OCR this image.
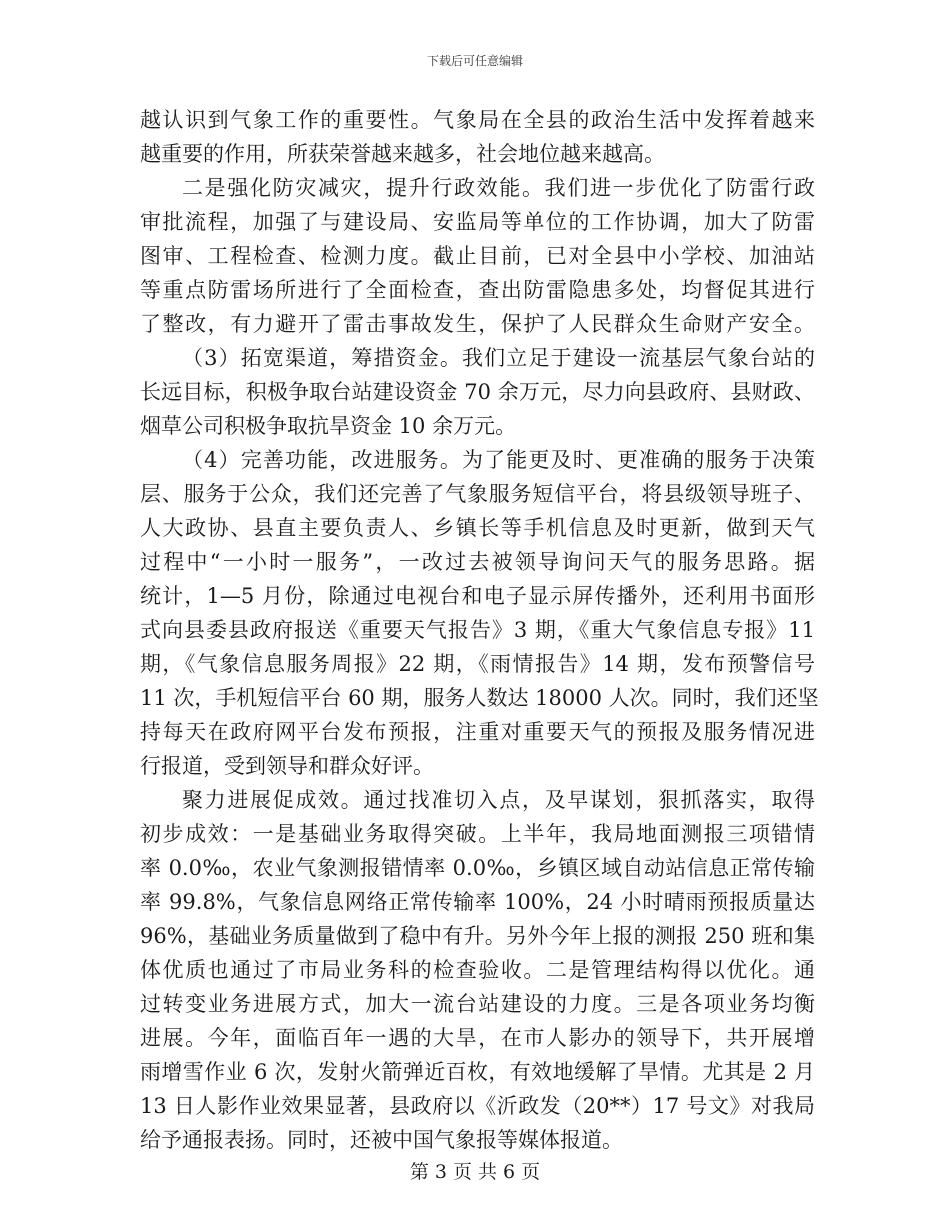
下载后可任意编辑
越认识到气象工作的重要性。气象局在全县的政治生活中发挥着越来
越重要的作用，所获荣誉越来越多，社会地位越来越高。
二是强化防灾减灾，提升行政效能。我们进一步优化了防雷行政
审批流程，加强了与建设局、安监局等单位的工作协调，加大了防雷
图审、工程检查、检测力度。截止目前，已对全县中小学校、加油站
等重点防雷场所进行了全面检查，查出防雷隐患多处，均督促其进行
了整改，有力避开了雷击事故发生，保护了人民群众生命财产安全。
（3）拓宽渠道，筹措资金。我们立足于建设一流基层气象台站的
长远目标，积极争取台站建设资金 70 余万元，尽力向县政府、县财政、
烟草公司积极争取抗旱资金 10 余万元。
（4）完善功能，改进服务。为了能更及时、更准确的服务于决策
层、服务于公众，我们还完善了气象服务短信平台，将县级领导班子、
人大政协、县直主要负责人、乡镇长等手机信息及时更新，做到天气
过程中“一小时一服务”，一改过去被领导询问天气的服务思路。据
统计，1—5 月份，除通过电视台和电子显示屏传播外，还利用书面形
式向县委县政府报送《重要天气报告》3 期，《重大气象信息专报》11
期，《气象信息服务周报》22 期，《雨情报告》14 期，发布预警信号
11 次，手机短信平台 60 期，服务人数达 18000 人次。同时，我们还坚
持每天在政府网平台发布预报，注重对重要天气的预报及服务情况进
行报道，受到领导和群众好评。
聚力进展促成效。通过找准切入点，及早谋划，狠抓落实，取得
初步成效：一是基础业务取得突破。上半年，我局地面测报三项错情
率 0.0‰，农业气象测报错情率 0.0‰，乡镇区域自动站信息正常传输
率 99.8%，气象信息网络正常传输率 100%，24 小时晴雨预报质量达
96%，基础业务质量做到了稳中有升。另外今年上报的测报 250 班和集
体优质也通过了市局业务科的检查验收。二是管理结构得以优化。通
过转变业务进展方式，加大一流台站建设的力度。三是各项业务均衡
进展。今年，面临百年一遇的大旱，在市人影办的领导下，共开展增
雨增雪作业 6 次，发射火箭弹近百枚，有效地缓解了旱情。尤其是 2 月
13 日人影作业效果显著，县政府以《沂政发（20**）17 号文》对我局
给予通报表扬。同时，还被中国气象报等媒体报道。
第 3 页 共 6 页
